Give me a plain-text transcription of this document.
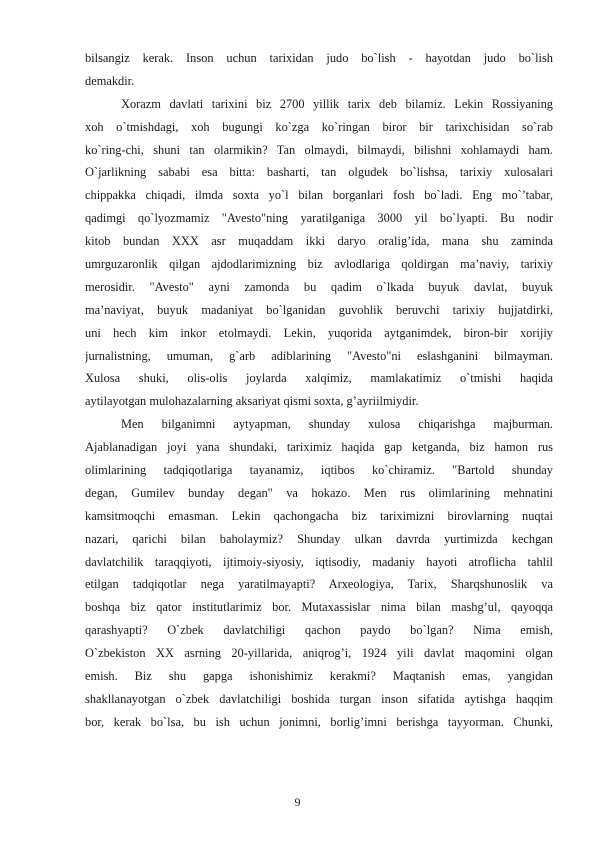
bilsangiz kerak. Inson uchun tarixidan judo bo`lish - hayotdan judo bo`lish
demakdir.
Xorazm davlati tarixini biz 2700 yillik tarix deb bilamiz. Lekin Rossiyaning
xoh o`tmishdagi, xoh bugungi ko`zga ko`ringan biror bir tarixchisidan so`rab
ko`ring-chi, shuni tan olarmikin? Tan olmaydi, bilmaydi, bilishni xohlamaydi ham.
O`jarlikning sababi esa bitta: basharti, tan olgudek bo`lishsa, tarixiy xulosalari
chippakka chiqadi, ilmda soxta yo`l bilan borganlari fosh bo`ladi. Eng mo`’tabar,
qadimgi qo`lyozmamiz "Avesto"ning yaratilganiga 3000 yil bo`lyapti. Bu nodir
kitob bundan XXX asr muqaddam ikki daryo oralig’ida, mana shu zaminda
umrguzaronlik qilgan ajdodlarimizning biz avlodlariga qoldirgan ma’naviy, tarixiy
merosidir. "Avesto" ayni zamonda bu qadim o`lkada buyuk davlat, buyuk
ma’naviyat, buyuk madaniyat bo`lganidan guvohlik beruvchi tarixiy hujjatdirki,
uni hech kim inkor etolmaydi. Lekin, yuqorida aytganimdek, biron-bir xorijiy
jurnalistning, umuman, g`arb adiblarining "Avesto"ni eslashganini bilmayman.
Xulosa shuki, olis-olis joylarda xalqimiz, mamlakatimiz o`tmishi haqida
aytilayotgan mulohazalarning aksariyat qismi soxta, g’ayriilmiydir.
Men bilganimni aytyapman, shunday xulosa chiqarishga majburman.
Ajablanadigan joyi yana shundaki, tariximiz haqida gap ketganda, biz hamon rus
olimlarining tadqiqotlariga tayanamiz, iqtibos ko`chiramiz. "Bartold shunday
degan, Gumilev bunday degan" va hokazo. Men rus olimlarining mehnatini
kamsitmoqchi emasman. Lekin qachongacha biz tariximizni birovlarning nuqtai
nazari, qarichi bilan baholaymiz? Shunday ulkan davrda yurtimizda kechgan
davlatchilik taraqqiyoti, ijtimoiy-siyosiy, iqtisodiy, madaniy hayoti atroflicha tahlil
etilgan tadqiqotlar nega yaratilmayapti? Arxeologiya, Tarix, Sharqshunoslik va
boshqa biz qator institutlarimiz bor. Mutaxassislar nima bilan mashg’ul, qayoqqa
qarashyapti? O`zbek davlatchiligi qachon paydo bo`lgan? Nima emish,
O`zbekiston XX asrning 20-yillarida, aniqrog’i, 1924 yili davlat maqomini olgan
emish. Biz shu gapga ishonishimiz kerakmi? Maqtanish emas, yangidan
shakllanayotgan o`zbek davlatchiligi boshida turgan inson sifatida aytishga haqqim
bor, kerak bo`lsa, bu ish uchun jonimni, borlig’imni berishga tayyorman. Chunki,
9
